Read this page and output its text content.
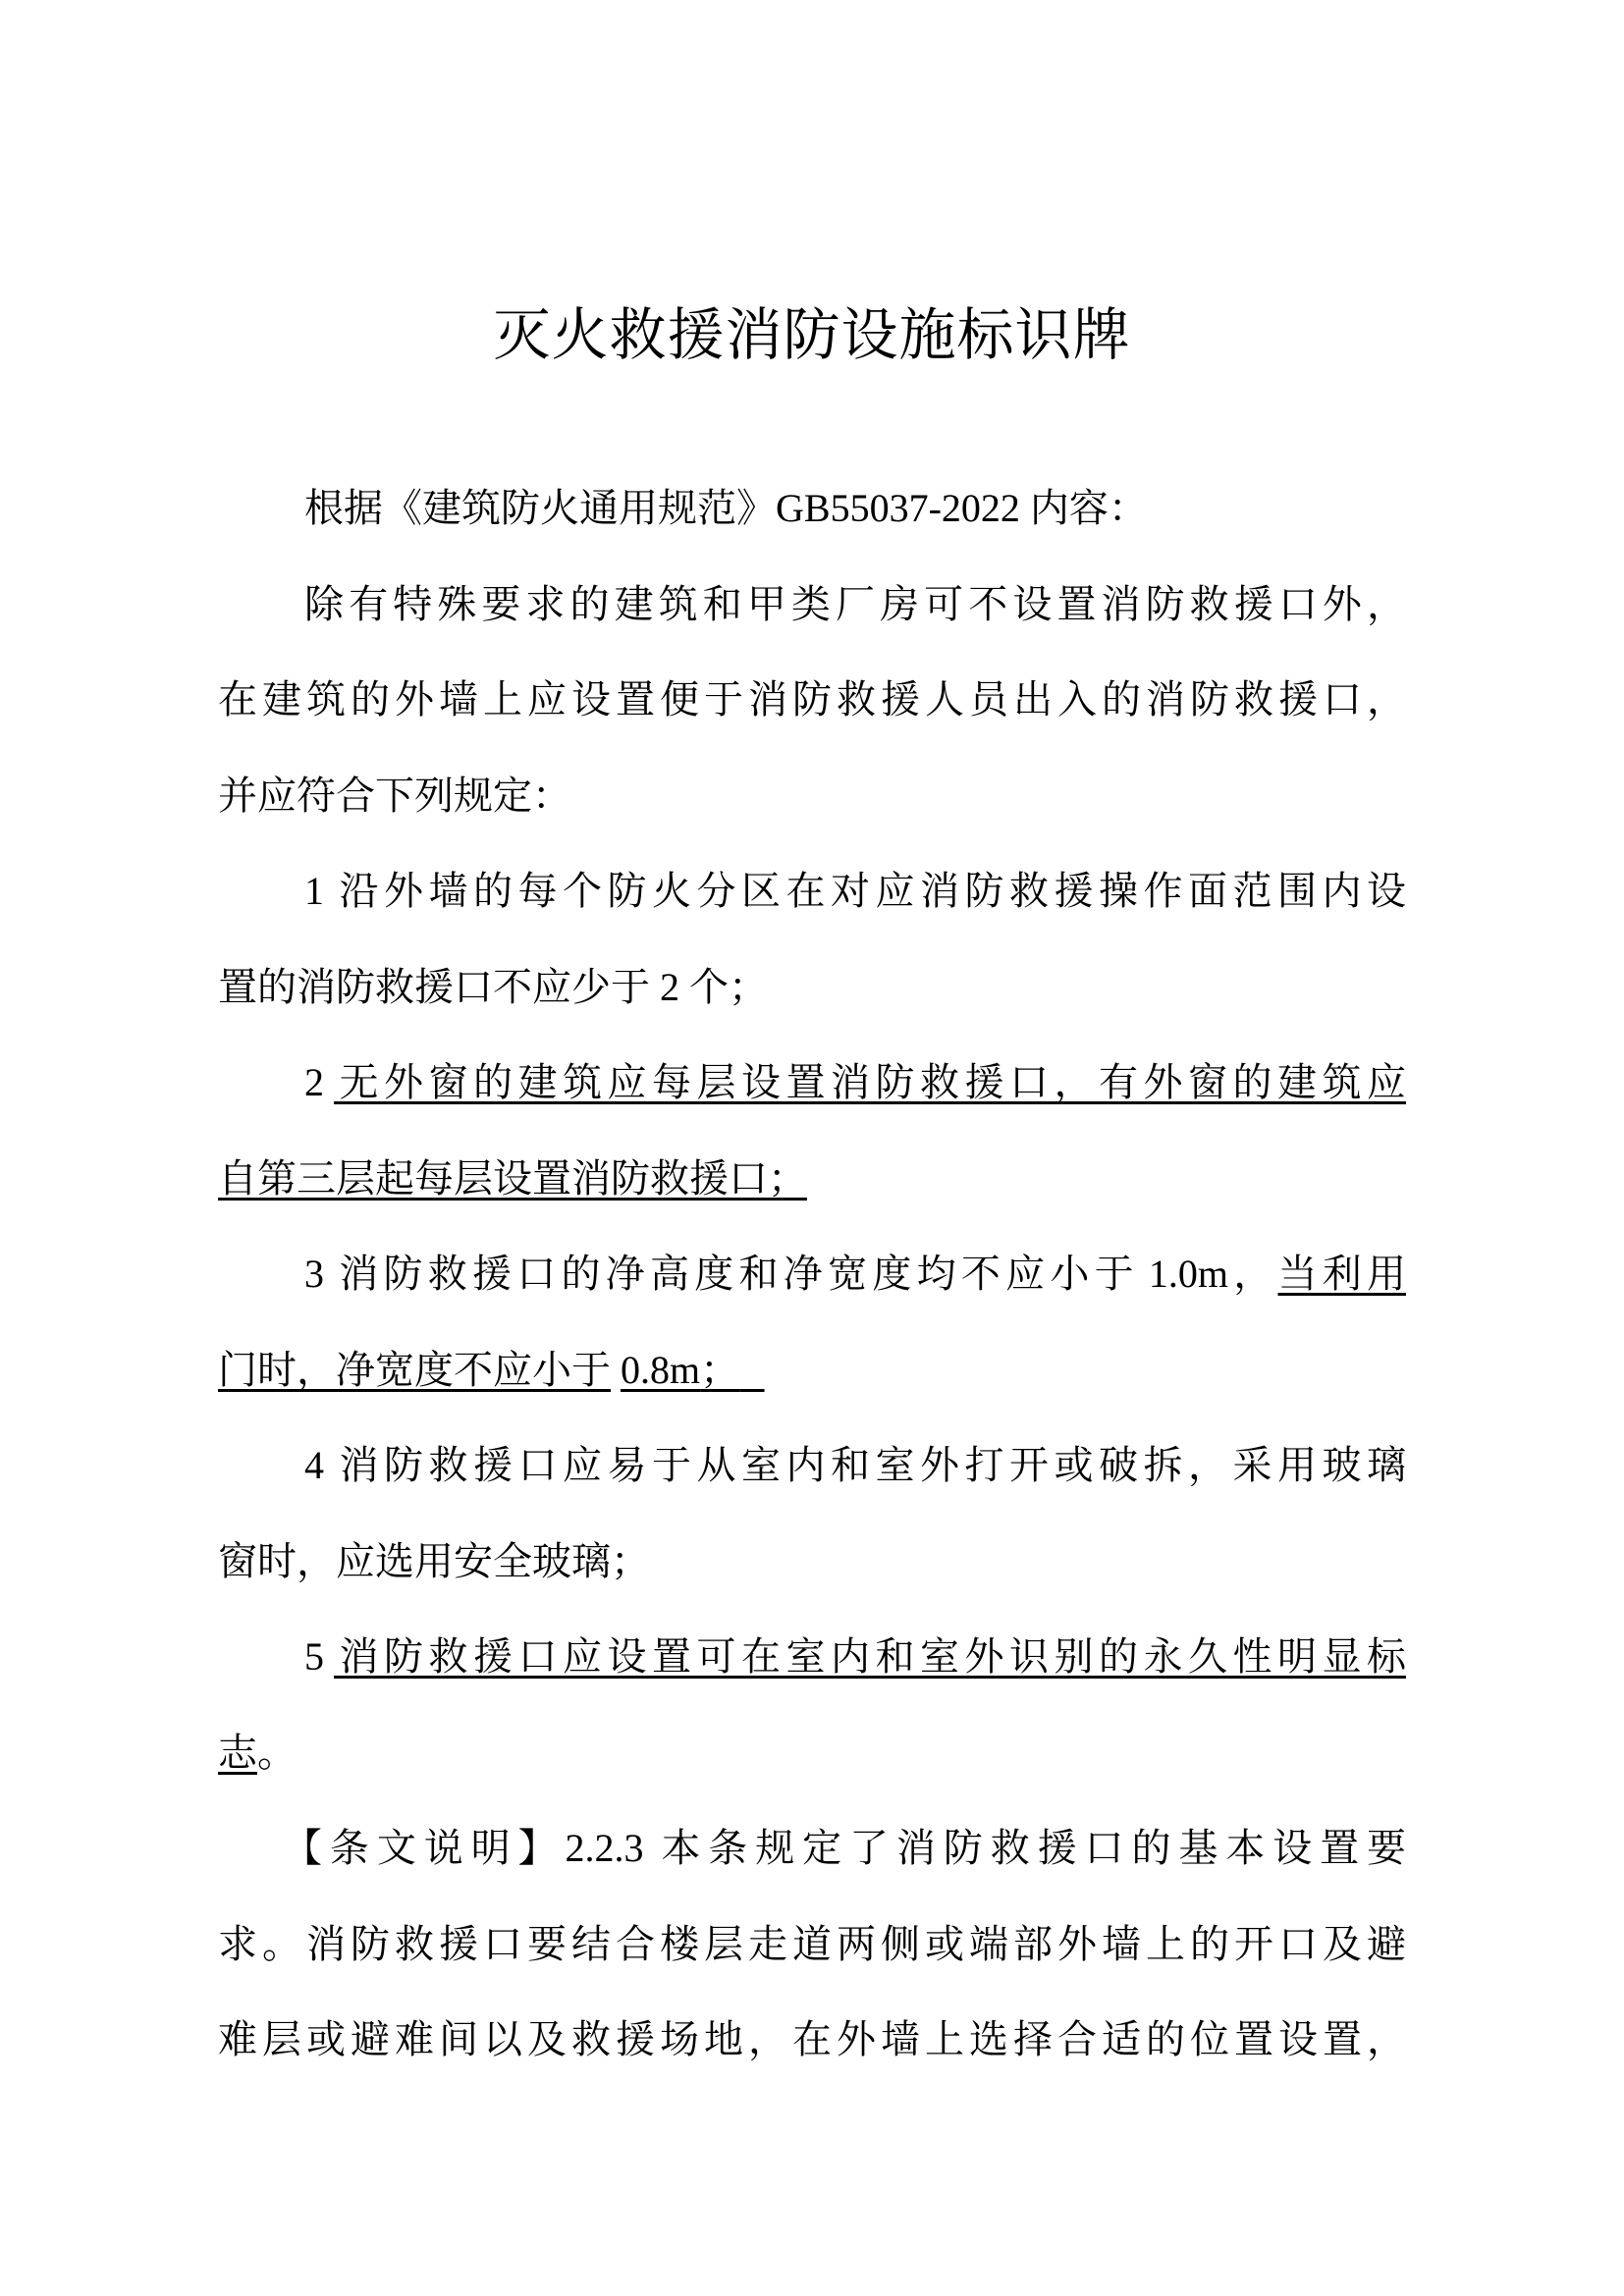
灭火救援消防设施标识牌
根据《建筑防火通用规范》GB55037-2022 内容：
除有特殊要求的建筑和甲类厂房可不设置消防救援口外，
在建筑的外墙上应设置便于消防救援人员出入的消防救援口，
并应符合下列规定：
1 沿外墙的每个防火分区在对应消防救援操作面范围内设
置的消防救援口不应少于 2 个；
2 无外窗的建筑应每层设置消防救援口，有外窗的建筑应
自第三层起每层设置消防救援口；
3 消防救援口的净高度和净宽度均不应小于 1.0m，当利用
门时，净宽度不应小于 0.8m；
4 消防救援口应易于从室内和室外打开或破拆，采用玻璃
窗时，应选用安全玻璃；
5 消防救援口应设置可在室内和室外识别的永久性明显标
志。
【条文说明】2.2.3 本条规定了消防救援口的基本设置要
求。消防救援口要结合楼层走道两侧或端部外墙上的开口及避
难层或避难间以及救援场地，在外墙上选择合适的位置设置，
